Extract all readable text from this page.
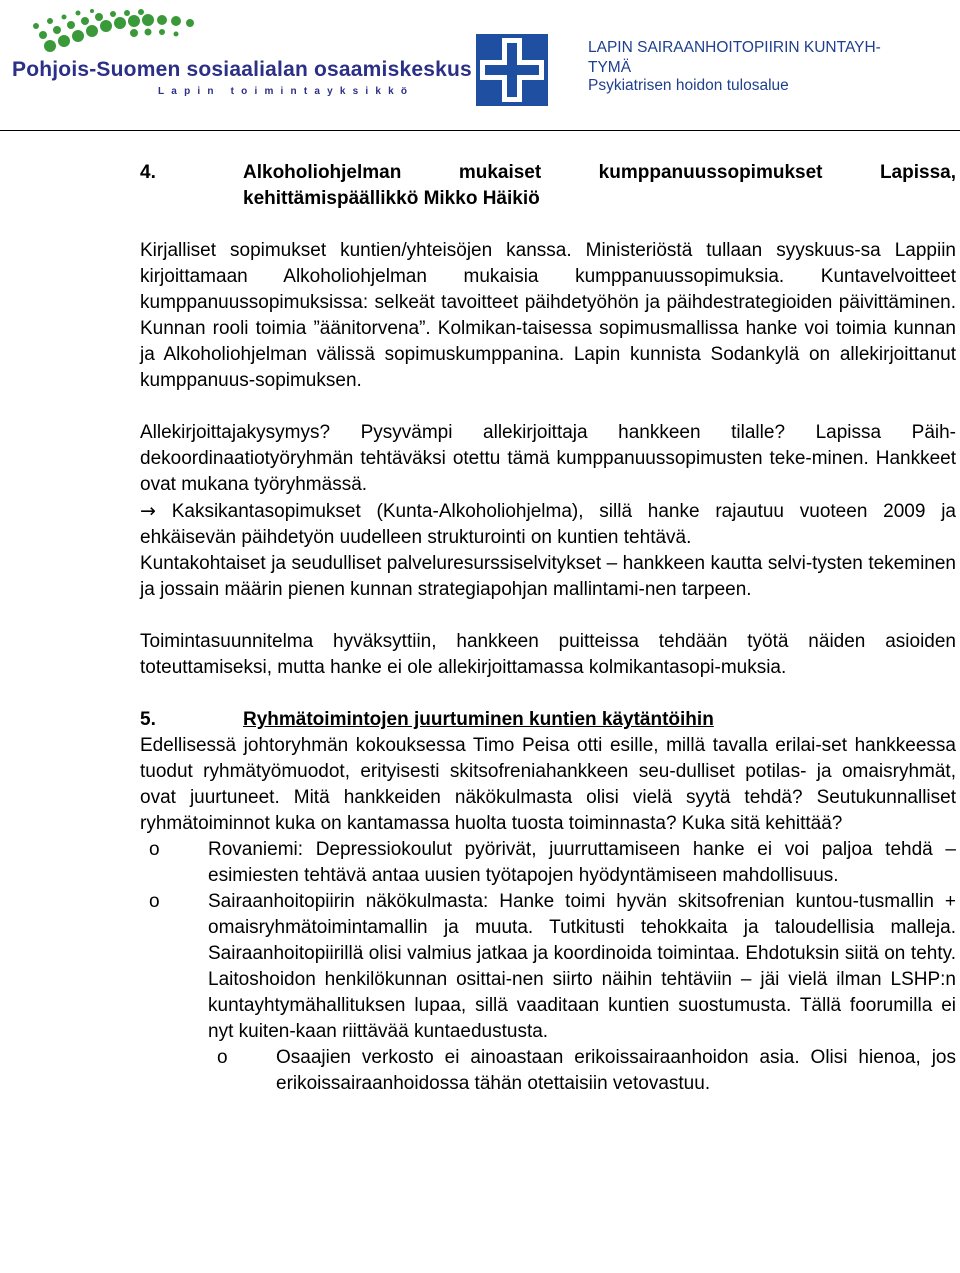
Pohjois-Suomen sosiaalialan osaamiskeskus
Lapin toimintayksikkö
LAPIN SAIRAANHOITOPIIRIN KUNTAYH-TYMÄ
Psykiatrisen hoidon tulosalue
4.	Alkoholiohjelman mukaiset kumppanuussopimukset Lapissa, kehittämispäällikkö Mikko Häikiö

Kirjalliset sopimukset kuntien/yhteisöjen kanssa. Ministeriöstä tullaan syyskuus-sa Lappiin kirjoittamaan Alkoholiohjelman mukaisia kumppanuussopimuksia. Kuntavelvoitteet kumppanuussopimuksissa: selkeät tavoitteet päihdetyöhön ja päihdestrategioiden päivittäminen. Kunnan rooli toimia ”äänitorvena”. Kolmikan-taisessa sopimusmallissa hanke voi toimia kunnan ja Alkoholiohjelman välissä sopimuskumppanina. Lapin kunnista Sodankylä on allekirjoittanut kumppanuus-sopimuksen.

Allekirjoittajakysymys? Pysyvämpi allekirjoittaja hankkeen tilalle? Lapissa Päih-dekoordinaatiotyöryhmän tehtäväksi otettu tämä kumppanuussopimusten teke-minen. Hankkeet ovat mukana työryhmässä.

→ Kaksikantasopimukset (Kunta-Alkoholiohjelma), sillä hanke rajautuu vuoteen 2009 ja ehkäisevän päihdetyön uudelleen strukturointi on kuntien tehtävä.

Kuntakohtaiset ja seudulliset palveluresurssiselvitykset – hankkeen kautta selvi-tysten tekeminen ja jossain määrin pienen kunnan strategiapohjan mallintami-nen tarpeen.

Toimintasuunnitelma hyväksyttiin, hankkeen puitteissa tehdään työtä näiden asioiden toteuttamiseksi, mutta hanke ei ole allekirjoittamassa kolmikantasopi-muksia.

5.	Ryhmätoimintojen juurtuminen kuntien käytäntöihin

Edellisessä johtoryhmän kokouksessa Timo Peisa otti esille, millä tavalla erilai-set hankkeessa tuodut ryhmätyömuodot, erityisesti skitsofreniahankkeen seu-dulliset potilas- ja omaisryhmät, ovat juurtuneet. Mitä hankkeiden näkökulmasta olisi vielä syytä tehdä? Seutukunnalliset ryhmätoiminnot kuka on kantamassa huolta tuosta toiminnasta? Kuka sitä kehittää?

o	Rovaniemi: Depressiokoulut pyörivät, juurruttamiseen hanke ei voi paljoa tehdä – esimiesten tehtävä antaa uusien työtapojen hyödyntämiseen mahdollisuus.
o	Sairaanhoitopiirin näkökulmasta: Hanke toimi hyvän skitsofrenian kuntou-tusmallin + omaisryhmätoimintamallin ja muuta. Tutkitusti tehokkaita ja taloudellisia malleja. Sairaanhoitopiirillä olisi valmius jatkaa ja koordinoida toimintaa. Ehdotuksin siitä on tehty. Laitoshoidon henkilökunnan osittai-nen siirto näihin tehtäviin – jäi vielä ilman LSHP:n kuntayhtymähallituksen lupaa, sillä vaaditaan kuntien suostumusta. Tällä foorumilla ei nyt kuiten-kaan riittävää kuntaedustusta.
o	Osaajien verkosto ei ainoastaan erikoissairaanhoidon asia. Olisi hienoa, jos erikoissairaanhoidossa tähän otettaisiin vetovastuu.
